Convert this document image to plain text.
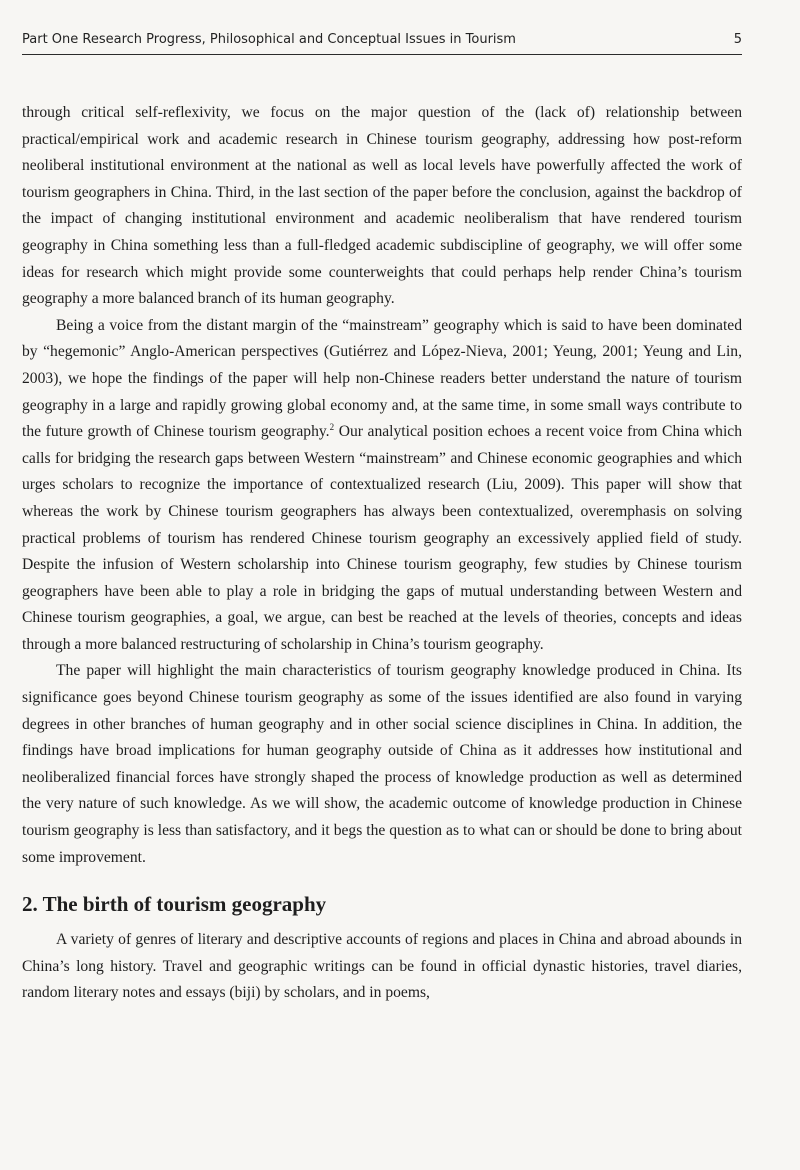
Part One Research Progress, Philosophical and Conceptual Issues in Tourism	5

through critical self-reflexivity, we focus on the major question of the (lack of) relationship between practical/empirical work and academic research in Chinese tourism geography, addressing how post-reform neoliberal institutional environment at the national as well as local levels have powerfully affected the work of tourism geographers in China. Third, in the last section of the paper before the conclusion, against the backdrop of the impact of changing institutional environment and academic neoliberalism that have rendered tourism geography in China something less than a full-fledged academic subdiscipline of geography, we will offer some ideas for research which might provide some counterweights that could perhaps help render China’s tourism geography a more balanced branch of its human geography.

Being a voice from the distant margin of the “mainstream” geography which is said to have been dominated by “hegemonic” Anglo-American perspectives (Gutiérrez and López-Nieva, 2001; Yeung, 2001; Yeung and Lin, 2003), we hope the findings of the paper will help non-Chinese readers better understand the nature of tourism geography in a large and rapidly growing global economy and, at the same time, in some small ways contribute to the future growth of Chinese tourism geography.$^2$ Our analytical position echoes a recent voice from China which calls for bridging the research gaps between Western “mainstream” and Chinese economic geographies and which urges scholars to recognize the importance of contextualized research (Liu, 2009). This paper will show that whereas the work by Chinese tourism geographers has always been contextualized, overemphasis on solving practical problems of tourism has rendered Chinese tourism geography an excessively applied field of study. Despite the infusion of Western scholarship into Chinese tourism geography, few studies by Chinese tourism geographers have been able to play a role in bridging the gaps of mutual understanding between Western and Chinese tourism geographies, a goal, we argue, can best be reached at the levels of theories, concepts and ideas through a more balanced restructuring of scholarship in China’s tourism geography.

The paper will highlight the main characteristics of tourism geography knowledge produced in China. Its significance goes beyond Chinese tourism geography as some of the issues identified are also found in varying degrees in other branches of human geography and in other social science disciplines in China. In addition, the findings have broad implications for human geography outside of China as it addresses how institutional and neoliberalized financial forces have strongly shaped the process of knowledge production as well as determined the very nature of such knowledge. As we will show, the academic outcome of knowledge production in Chinese tourism geography is less than satisfactory, and it begs the question as to what can or should be done to bring about some improvement.

2. The birth of tourism geography

A variety of genres of literary and descriptive accounts of regions and places in China and abroad abounds in China’s long history. Travel and geographic writings can be found in official dynastic histories, travel diaries, random literary notes and essays (biji) by scholars, and in poems,
